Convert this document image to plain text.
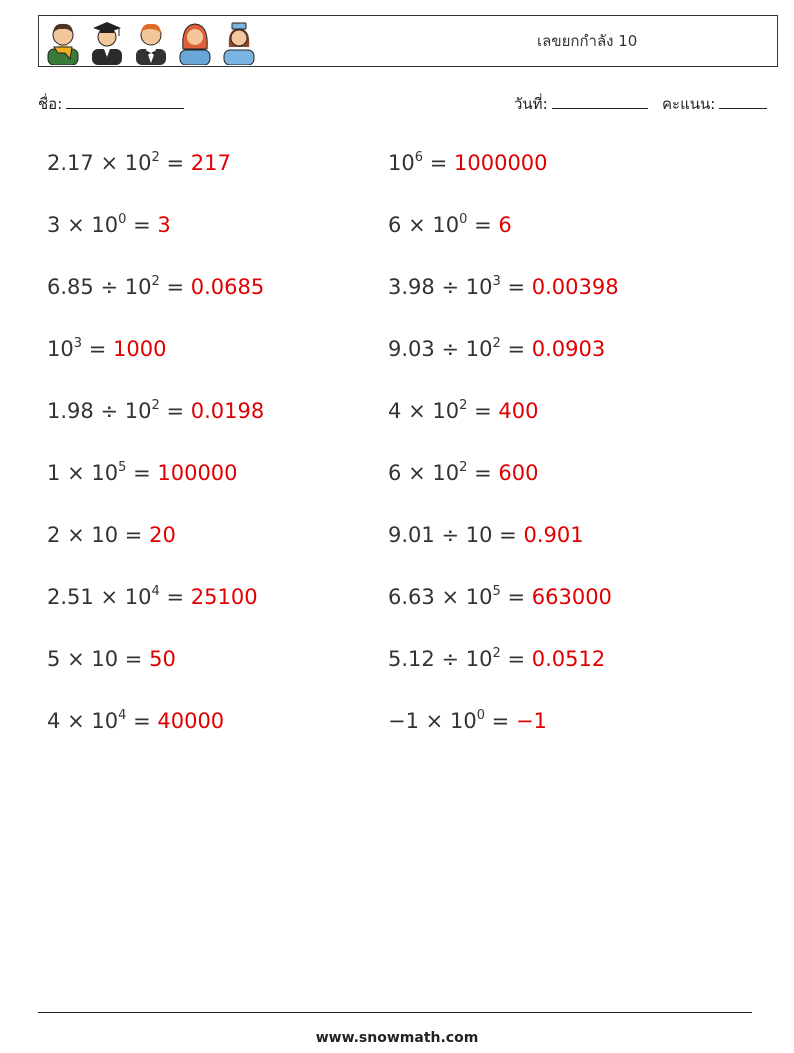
เลขยกกำลัง 10
ชื่อ:	วันที่:	คะแนน:
$2.17 \times 10^2 = 217$	$10^6 = 1000000$
$3 \times 10^0 = 3$	$6 \times 10^0 = 6$
$6.85 \div 10^2 = 0.0685$	$3.98 \div 10^3 = 0.00398$
$10^3 = 1000$	$9.03 \div 10^2 = 0.0903$
$1.98 \div 10^2 = 0.0198$	$4 \times 10^2 = 400$
$1 \times 10^5 = 100000$	$6 \times 10^2 = 600$
2 × 10 = 20	9.01 ÷ 10 = 0.901
$2.51 \times 10^4 = 25100$	$6.63 \times 10^5 = 663000$
5 × 10 = 50	$5.12 \div 10^2 = 0.0512$
$4 \times 10^4 = 40000$	$-1 \times 10^0 = -1$
www.snowmath.com
